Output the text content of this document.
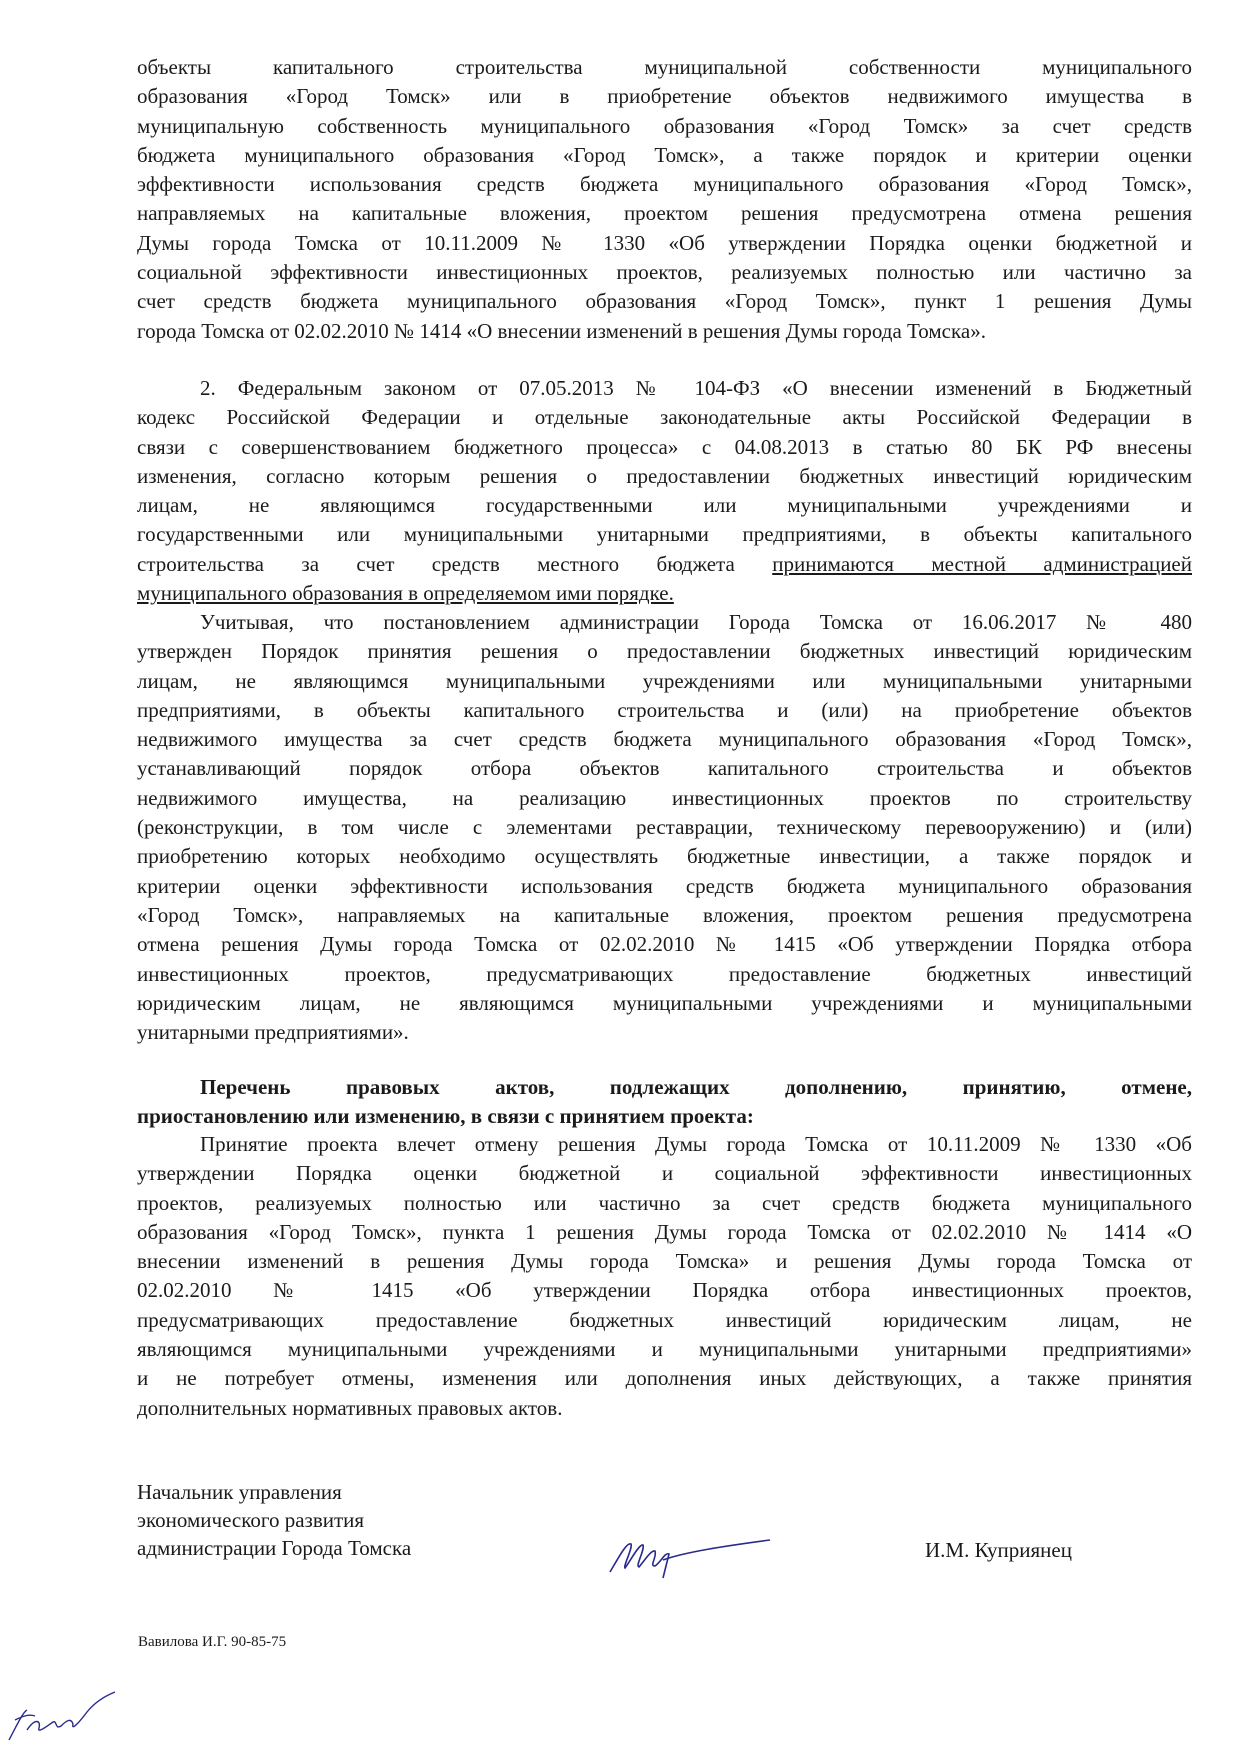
объекты капитального строительства муниципальной собственности муниципального
образования «Город Томск» или в приобретение объектов недвижимого имущества в
муниципальную собственность муниципального образования «Город Томск» за счет средств
бюджета муниципального образования «Город Томск», а также порядок и критерии оценки
эффективности использования средств бюджета муниципального образования «Город Томск»,
направляемых на капитальные вложения, проектом решения предусмотрена отмена решения
Думы города Томска от 10.11.2009 № 1330 «Об утверждении Порядка оценки бюджетной и
социальной эффективности инвестиционных проектов, реализуемых полностью или частично за
счет средств бюджета муниципального образования «Город Томск», пункт 1 решения Думы
города Томска от 02.02.2010 № 1414 «О внесении изменений в решения Думы города Томска».
2. Федеральным законом от 07.05.2013 № 104-ФЗ «О внесении изменений в Бюджетный
кодекс Российской Федерации и отдельные законодательные акты Российской Федерации в
связи с совершенствованием бюджетного процесса» с 04.08.2013 в статью 80 БК РФ внесены
изменения, согласно которым решения о предоставлении бюджетных инвестиций юридическим
лицам, не являющимся государственными или муниципальными учреждениями и
государственными или муниципальными унитарными предприятиями, в объекты капитального
строительства за счет средств местного бюджета принимаются местной администрацией
муниципального образования в определяемом ими порядке.
Учитывая, что постановлением администрации Города Томска от 16.06.2017 № 480
утвержден Порядок принятия решения о предоставлении бюджетных инвестиций юридическим
лицам, не являющимся муниципальными учреждениями или муниципальными унитарными
предприятиями, в объекты капитального строительства и (или) на приобретение объектов
недвижимого имущества за счет средств бюджета муниципального образования «Город Томск»,
устанавливающий порядок отбора объектов капитального строительства и объектов
недвижимого имущества, на реализацию инвестиционных проектов по строительству
(реконструкции, в том числе с элементами реставрации, техническому перевооружению) и (или)
приобретению которых необходимо осуществлять бюджетные инвестиции, а также порядок и
критерии оценки эффективности использования средств бюджета муниципального образования
«Город Томск», направляемых на капитальные вложения, проектом решения предусмотрена
отмена решения Думы города Томска от 02.02.2010 № 1415 «Об утверждении Порядка отбора
инвестиционных проектов, предусматривающих предоставление бюджетных инвестиций
юридическим лицам, не являющимся муниципальными учреждениями и муниципальными
унитарными предприятиями».
Перечень правовых актов, подлежащих дополнению, принятию, отмене,
приостановлению или изменению, в связи с принятием проекта:
Принятие проекта влечет отмену решения Думы города Томска от 10.11.2009 № 1330 «Об
утверждении Порядка оценки бюджетной и социальной эффективности инвестиционных
проектов, реализуемых полностью или частично за счет средств бюджета муниципального
образования «Город Томск», пункта 1 решения Думы города Томска от 02.02.2010 № 1414 «О
внесении изменений в решения Думы города Томска» и решения Думы города Томска от
02.02.2010 № 1415 «Об утверждении Порядка отбора инвестиционных проектов,
предусматривающих предоставление бюджетных инвестиций юридическим лицам, не
являющимся муниципальными учреждениями и муниципальными унитарными предприятиями»
и не потребует отмены, изменения или дополнения иных действующих, а также принятия
дополнительных нормативных правовых актов.
Начальник управления
экономического развития
администрации Города Томска	И.М. Куприянец
Вавилова И.Г. 90-85-75
